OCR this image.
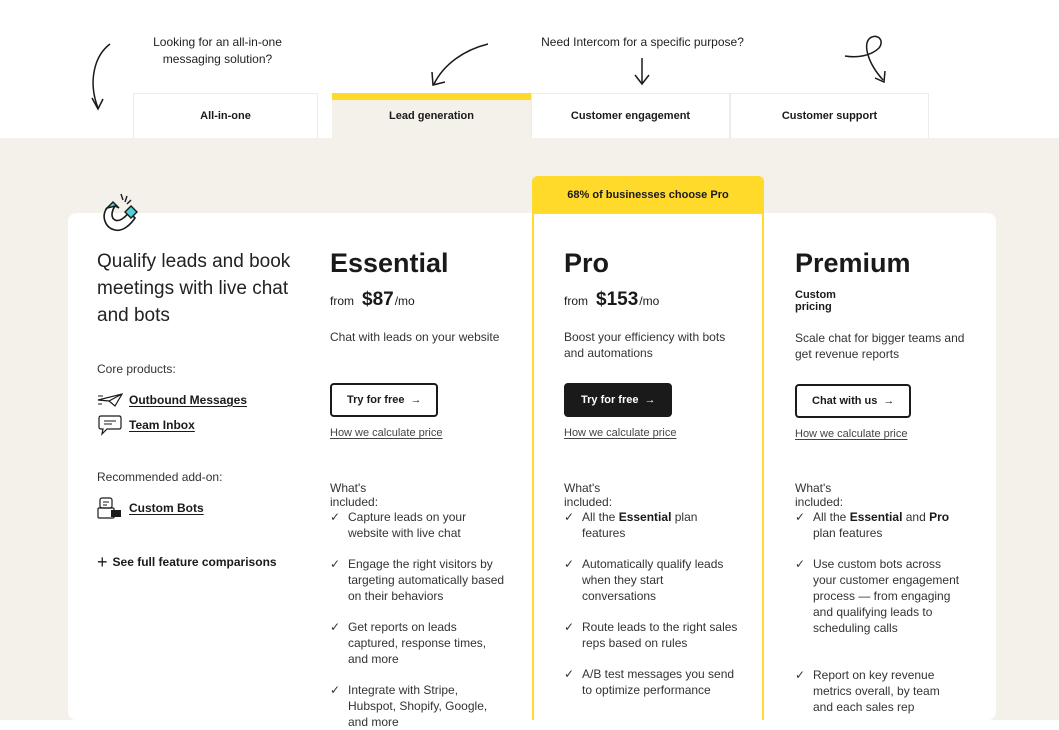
Looking for an all-in-one messaging solution?
Need Intercom for a specific purpose?
All-in-one	Lead generation	Customer engagement	Customer support
68% of businesses choose Pro
Qualify leads and book meetings with live chat and bots
Core products:
Outbound Messages
Team Inbox
Recommended add-on:
Custom Bots
+ See full feature comparisons
Essential
from $87/mo
Chat with leads on your website
Try for free →
How we calculate price
What's included:
✓ Capture leads on your website with live chat
✓ Engage the right visitors by targeting automatically based on their behaviors
✓ Get reports on leads captured, response times, and more
✓ Integrate with Stripe, Hubspot, Shopify, Google, and more
Pro
from $153/mo
Boost your efficiency with bots and automations
Try for free →
How we calculate price
What's included:
✓ All the Essential plan features
✓ Automatically qualify leads when they start conversations
✓ Route leads to the right sales reps based on rules
✓ A/B test messages you send to optimize performance
Premium
Custom pricing
Scale chat for bigger teams and get revenue reports
Chat with us →
How we calculate price
What's included:
✓ All the Essential and Pro plan features
✓ Use custom bots across your customer engagement process — from engaging and qualifying leads to scheduling calls
✓ Report on key revenue metrics overall, by team and each sales rep
